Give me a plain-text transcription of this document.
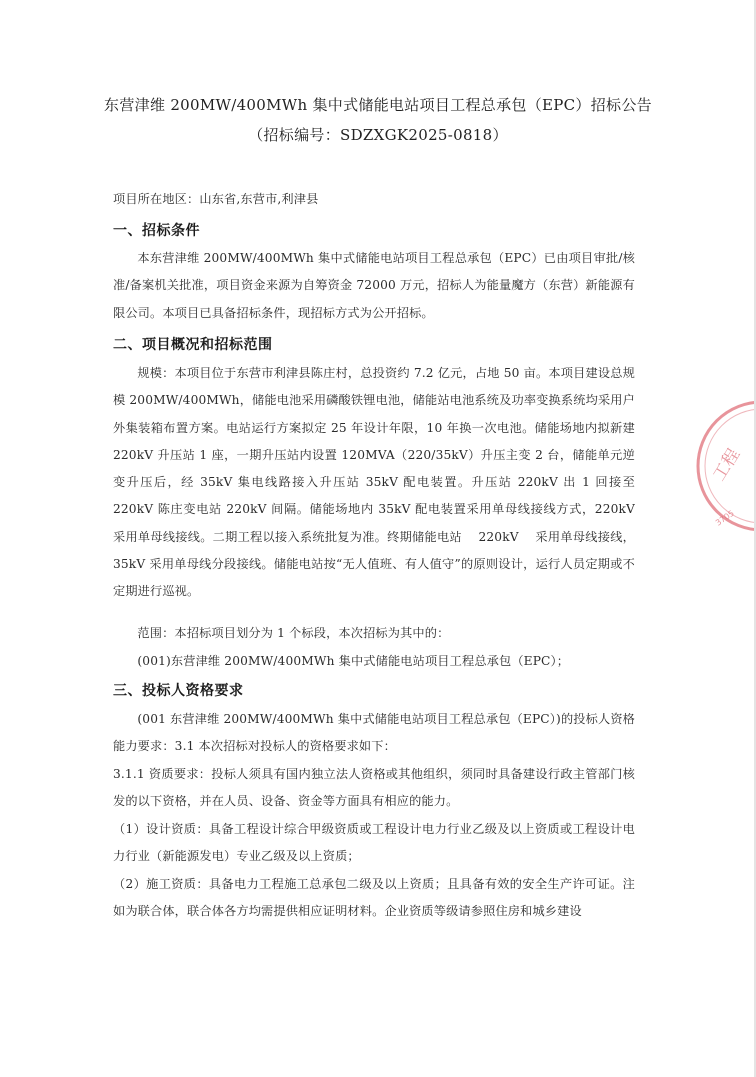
东营津维 200MW/400MWh 集中式储能电站项目工程总承包（EPC）招标公告
（招标编号：SDZXGK2025-0818）
项目所在地区：山东省,东营市,利津县
一、招标条件
本东营津维 200MW/400MWh 集中式储能电站项目工程总承包（EPC）已由项目审批/核准/备案机关批准，项目资金来源为自筹资金 72000 万元，招标人为能量魔方（东营）新能源有限公司。本项目已具备招标条件，现招标方式为公开招标。
二、项目概况和招标范围
规模：本项目位于东营市利津县陈庄村，总投资约 7.2 亿元，占地 50 亩。本项目建设总规模 200MW/400MWh，储能电池采用磷酸铁锂电池，储能站电池系统及功率变换系统均采用户外集装箱布置方案。电站运行方案拟定 25 年设计年限，10 年换一次电池。储能场地内拟新建 220kV 升压站 1 座，一期升压站内设置 120MVA（220/35kV）升压主变 2 台，储能单元逆变升压后，经 35kV 集电线路接入升压站 35kV 配电装置。升压站 220kV 出 1 回接至 220kV 陈庄变电站 220kV 间隔。储能场地内 35kV 配电装置采用单母线接线方式，220kV 采用单母线接线。二期工程以接入系统批复为准。终期储能电站　 220kV　 采用单母线接线，35kV 采用单母线分段接线。储能电站按“无人值班、有人值守”的原则设计，运行人员定期或不定期进行巡视。
范围：本招标项目划分为 1 个标段，本次招标为其中的：
(001)东营津维 200MW/400MWh 集中式储能电站项目工程总承包（EPC）；
三、投标人资格要求
(001 东营津维 200MW/400MWh 集中式储能电站项目工程总承包（EPC）)的投标人资格能力要求：3.1 本次招标对投标人的资格要求如下：
3.1.1 资质要求：投标人须具有国内独立法人资格或其他组织，须同时具备建设行政主管部门核发的以下资格，并在人员、设备、资金等方面具有相应的能力。
（1）设计资质：具备工程设计综合甲级资质或工程设计电力行业乙级及以上资质或工程设计电力行业（新能源发电）专业乙级及以上资质；
（2）施工资质：具备电力工程施工总承包二级及以上资质；且具备有效的安全生产许可证。注 如为联合体，联合体各方均需提供相应证明材料。企业资质等级请参照住房和城乡建设
工程
3705
